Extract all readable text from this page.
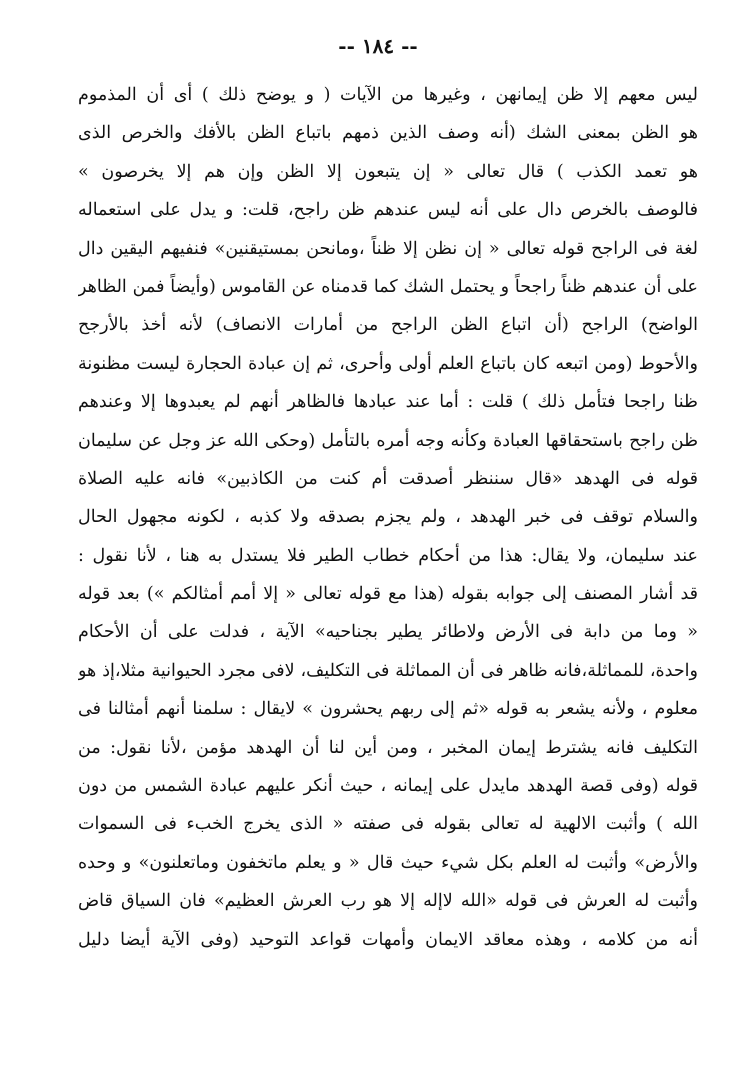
-- ١٨٤ --
ليس معهم إلا ظن إيمانهن ، وغيرها من الآيات ( و يوضح ذلك ) أى أن المذموم
هو الظن بمعنى الشك (أنه وصف الذين ذمهم باتباع الظن بالأفك والخرص الذى
هو تعمد الكذب ) قال تعالى « إن يتبعون إلا الظن وإن هم إلا يخرصون »
فالوصف بالخرص دال على أنه ليس عندهم ظن راجح، قلت: و يدل على استعماله
لغة فى الراجح قوله تعالى « إن نظن إلا ظناً ،ومانحن بمستيقنين» فنفيهم اليقين دال
على أن عندهم ظناً راجحاً و يحتمل الشك كما قدمناه عن القاموس (وأيضاً فمن الظاهر
الواضح) الراجح (أن اتباع الظن الراجح من أمارات الانصاف) لأنه أخذ بالأرجح
والأحوط (ومن اتبعه كان باتباع العلم أولى وأحرى، ثم إن عبادة الحجارة ليست مظنونة
ظنا راجحا فتأمل ذلك ) قلت : أما عند عبادها فالظاهر أنهم لم يعبدوها إلا وعندهم
ظن راجح باستحقاقها العبادة وكأنه وجه أمره بالتأمل (وحكى الله عز وجل عن سليمان
قوله فى الهدهد «قال سننظر أصدقت أم كنت من الكاذبين» فانه عليه الصلاة
والسلام توقف فى خبر الهدهد ، ولم يجزم بصدقه ولا كذبه ، لكونه مجهول الحال
عند سليمان، ولا يقال: هذا من أحكام خطاب الطير فلا يستدل به هنا ، لأنا نقول :
قد أشار المصنف إلى جوابه بقوله (هذا مع قوله تعالى « إلا أمم أمثالكم ») بعد قوله
« وما من دابة فى الأرض ولاطائر يطير بجناحيه» الآية ، فدلت على أن الأحكام
واحدة، للمماثلة،فانه ظاهر فى أن المماثلة فى التكليف، لافى مجرد الحيوانية مثلا،إذ هو
معلوم ، ولأنه يشعر به قوله «ثم إلى ربهم يحشرون » لايقال : سلمنا أنهم أمثالنا فى
التكليف فانه يشترط إيمان المخبر ، ومن أين لنا أن الهدهد مؤمن ،لأنا نقول: من
قوله (وفى قصة الهدهد مايدل على إيمانه ، حيث أنكر عليهم عبادة الشمس من دون
الله ) وأثبت الالهية له تعالى بقوله فى صفته « الذى يخرج الخبء فى السموات
والأرض» وأثبت له العلم بكل شيء حيث قال « و يعلم ماتخفون وماتعلنون» و وحده
وأثبت له العرش فى قوله «الله لاإله إلا هو رب العرش العظيم» فان السياق قاض
أنه من كلامه ، وهذه معاقد الايمان وأمهات قواعد التوحيد (وفى الآية أيضا دليل
